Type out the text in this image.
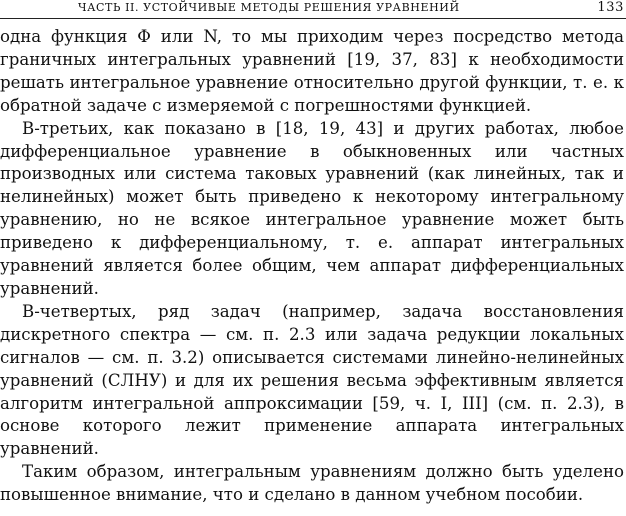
ЧАСТЬ II. УСТОЙЧИВЫЕ МЕТОДЫ РЕШЕНИЯ УРАВНЕНИЙ	133

одна функция Φ или N, то мы приходим через посредство метода граничных интегральных уравнений [19, 37, 83] к необходимости решать интегральное уравнение относительно другой функции, т. е. к обратной задаче с измеряемой с погрешностями функцией.

В-третьих, как показано в [18, 19, 43] и других работах, любое дифференциальное уравнение в обыкновенных или частных производных или система таковых уравнений (как линейных, так и нелинейных) может быть приведено к некоторому интегральному уравнению, но не всякое интегральное уравнение может быть приведено к дифференциальному, т. е. аппарат интегральных уравнений является более общим, чем аппарат дифференциальных уравнений.

В-четвертых, ряд задач (например, задача восстановления дискретного спектра — см. п. 2.3 или задача редукции локальных сигналов — см. п. 3.2) описывается системами линейно-нелинейных уравнений (СЛНУ) и для их решения весьма эффективным является алгоритм интегральной аппроксимации [59, ч. I, III] (см. п. 2.3), в основе которого лежит применение аппарата интегральных уравнений.

Таким образом, интегральным уравнениям должно быть уделено повышенное внимание, что и сделано в данном учебном пособии.
